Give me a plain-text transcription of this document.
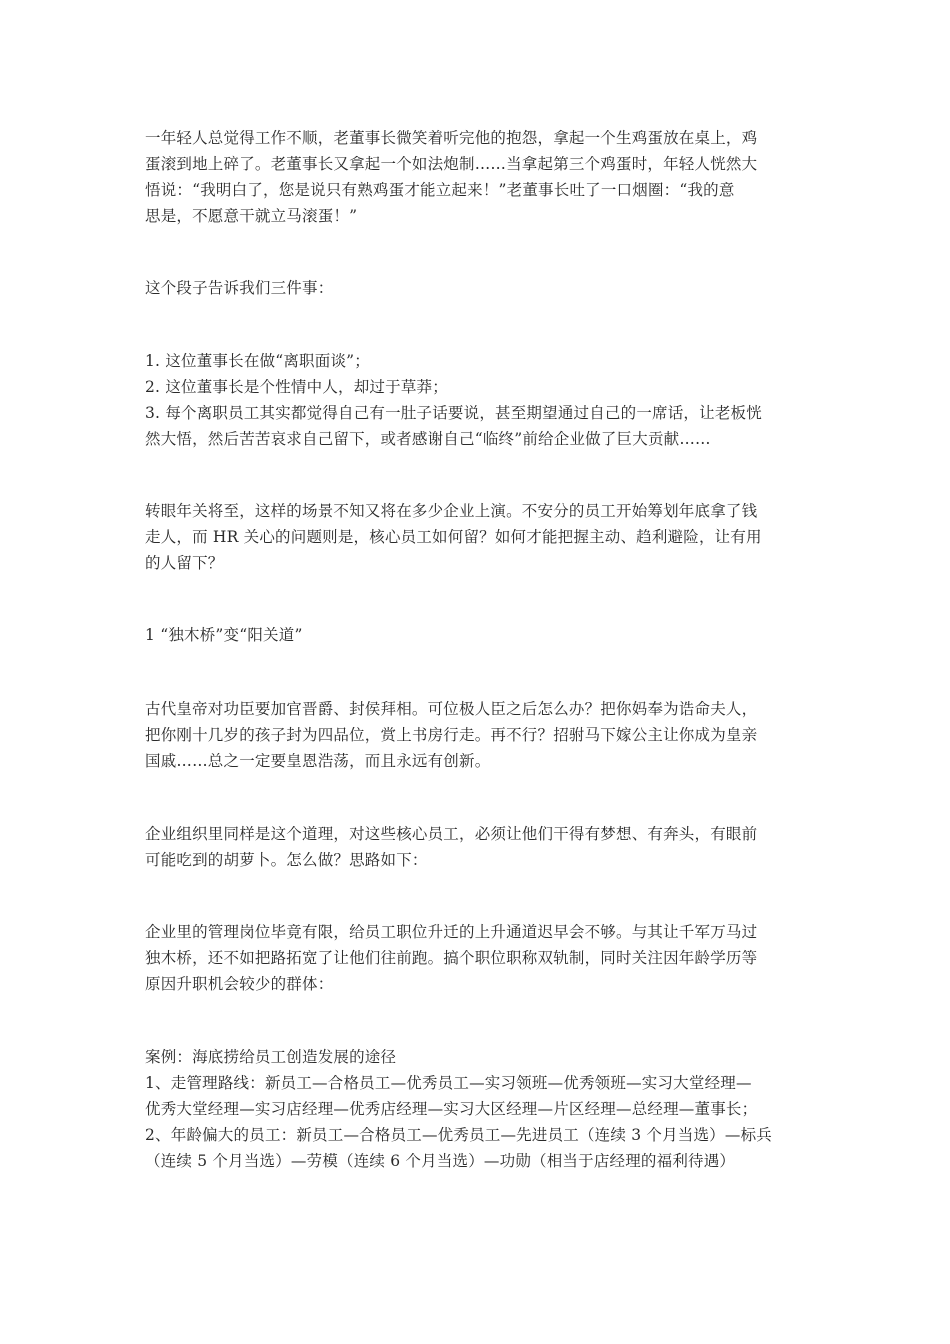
一年轻人总觉得工作不顺，老董事长微笑着听完他的抱怨，拿起一个生鸡蛋放在桌上，鸡
蛋滚到地上碎了。老董事长又拿起一个如法炮制……当拿起第三个鸡蛋时，年轻人恍然大
悟说：“我明白了，您是说只有熟鸡蛋才能立起来！”老董事长吐了一口烟圈：“我的意
思是，不愿意干就立马滚蛋！”
这个段子告诉我们三件事：
1. 这位董事长在做“离职面谈”；
2. 这位董事长是个性情中人，却过于草莽；
3. 每个离职员工其实都觉得自己有一肚子话要说，甚至期望通过自己的一席话，让老板恍
然大悟，然后苦苦哀求自己留下，或者感谢自己“临终”前给企业做了巨大贡献……
转眼年关将至，这样的场景不知又将在多少企业上演。不安分的员工开始筹划年底拿了钱
走人，而 HR 关心的问题则是，核心员工如何留？如何才能把握主动、趋利避险，让有用
的人留下？
1 “独木桥”变“阳关道”
古代皇帝对功臣要加官晋爵、封侯拜相。可位极人臣之后怎么办？把你妈奉为诰命夫人，
把你刚十几岁的孩子封为四品位，赏上书房行走。再不行？招驸马下嫁公主让你成为皇亲
国戚……总之一定要皇恩浩荡，而且永远有创新。
企业组织里同样是这个道理，对这些核心员工，必须让他们干得有梦想、有奔头，有眼前
可能吃到的胡萝卜。怎么做？思路如下：
企业里的管理岗位毕竟有限，给员工职位升迁的上升通道迟早会不够。与其让千军万马过
独木桥，还不如把路拓宽了让他们往前跑。搞个职位职称双轨制，同时关注因年龄学历等
原因升职机会较少的群体：
案例：海底捞给员工创造发展的途径
1、走管理路线：新员工—合格员工—优秀员工—实习领班—优秀领班—实习大堂经理—
优秀大堂经理—实习店经理—优秀店经理—实习大区经理—片区经理—总经理—董事长；
2、年龄偏大的员工：新员工—合格员工—优秀员工—先进员工（连续 3 个月当选）—标兵
（连续 5 个月当选）—劳模（连续 6 个月当选）—功勋（相当于店经理的福利待遇）
